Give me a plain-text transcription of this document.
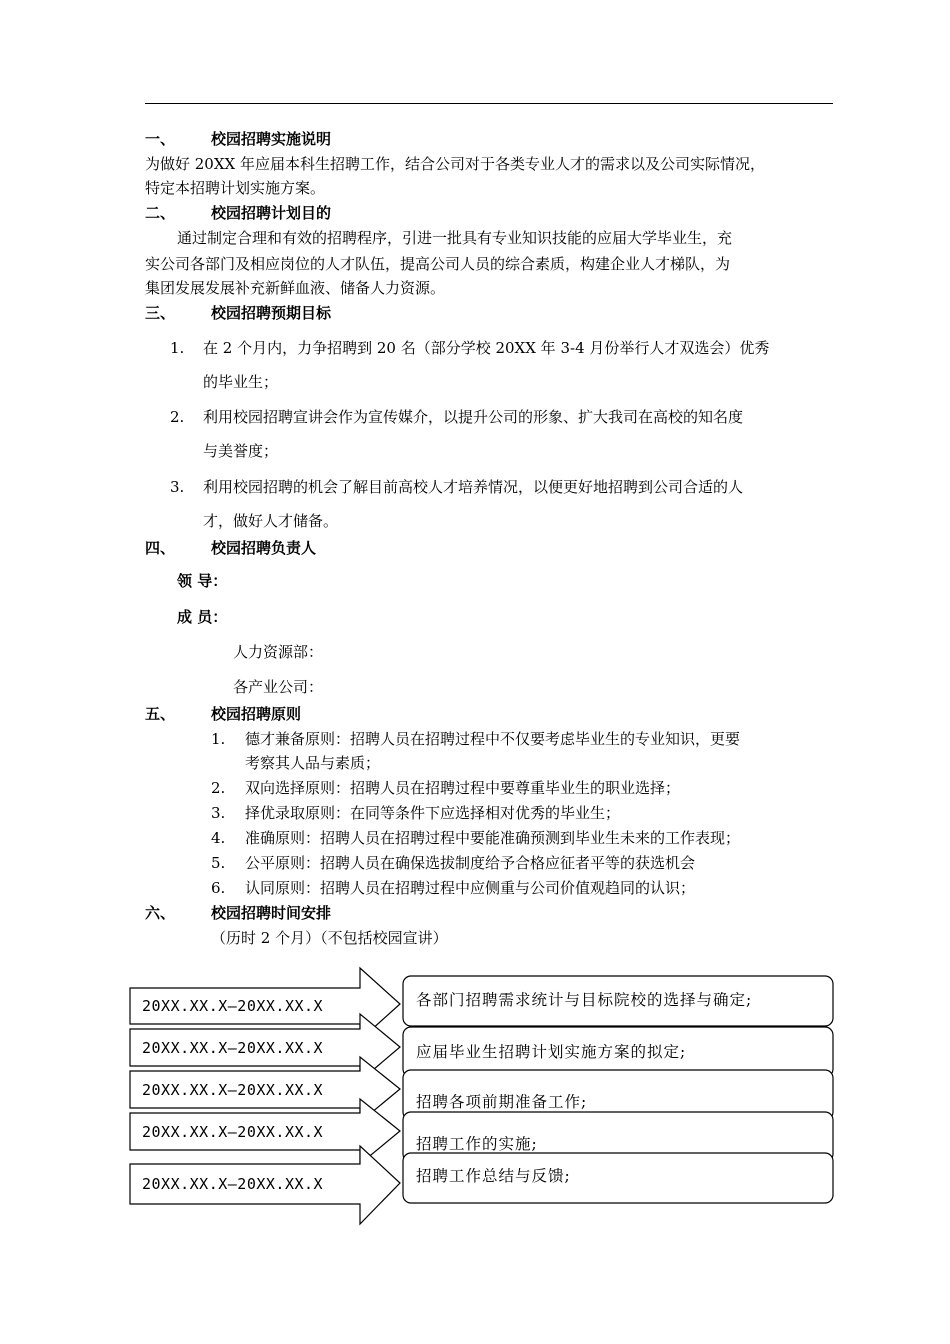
一、 校园招聘实施说明
为做好 20XX 年应届本科生招聘工作，结合公司对于各类专业人才的需求以及公司实际情况，
特定本招聘计划实施方案。
二、 校园招聘计划目的
通过制定合理和有效的招聘程序，引进一批具有专业知识技能的应届大学毕业生，充
实公司各部门及相应岗位的人才队伍，提高公司人员的综合素质，构建企业人才梯队，为
集团发展发展补充新鲜血液、储备人力资源。
三、 校园招聘预期目标
1. 在 2 个月内，力争招聘到 20 名（部分学校 20XX 年 3-4 月份举行人才双选会）优秀
的毕业生；
2. 利用校园招聘宣讲会作为宣传媒介，以提升公司的形象、扩大我司在高校的知名度
与美誉度；
3. 利用校园招聘的机会了解目前高校人才培养情况，以便更好地招聘到公司合适的人
才，做好人才储备。
四、 校园招聘负责人
领 导：
成 员：
人力资源部：
各产业公司：
五、 校园招聘原则
1. 德才兼备原则：招聘人员在招聘过程中不仅要考虑毕业生的专业知识，更要
考察其人品与素质；
2. 双向选择原则：招聘人员在招聘过程中要尊重毕业生的职业选择；
3. 择优录取原则：在同等条件下应选择相对优秀的毕业生；
4. 准确原则：招聘人员在招聘过程中要能准确预测到毕业生未来的工作表现；
5. 公平原则：招聘人员在确保选拔制度给予合格应征者平等的获选机会
6. 认同原则：招聘人员在招聘过程中应侧重与公司价值观趋同的认识；
六、 校园招聘时间安排
（历时 2 个月）（不包括校园宣讲）
20XX.XX.X—20XX.XX.X
20XX.XX.X—20XX.XX.X
20XX.XX.X—20XX.XX.X
20XX.XX.X—20XX.XX.X
20XX.XX.X—20XX.XX.X
各部门招聘需求统计与目标院校的选择与确定;
应届毕业生招聘计划实施方案的拟定;
招聘各项前期准备工作;
招聘工作的实施;
招聘工作总结与反馈;
